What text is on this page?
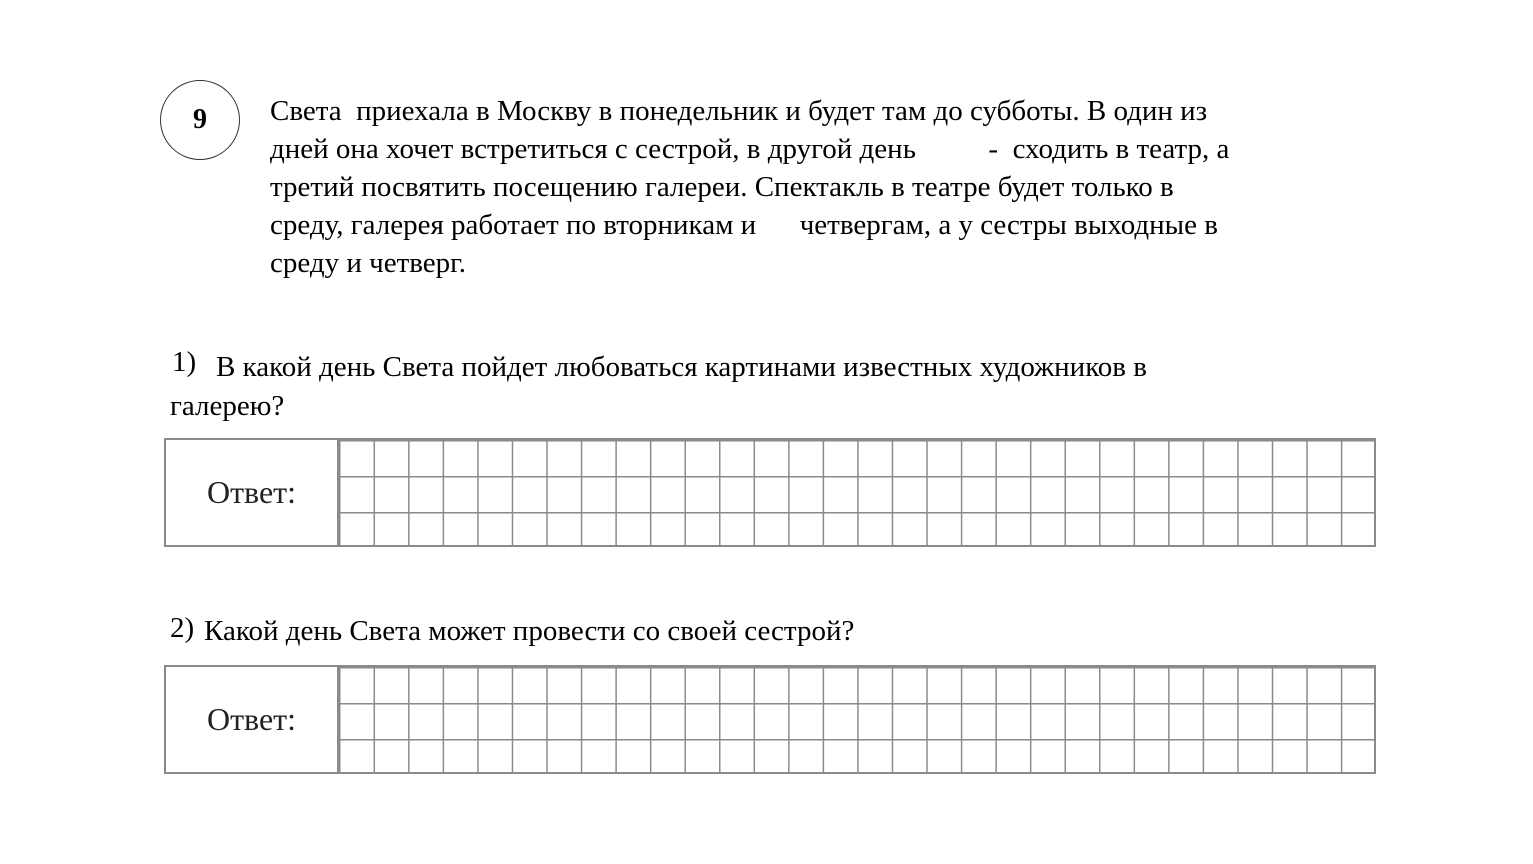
9 Света  приехала в Москву в понедельник и будет там до субботы. В один из
дней она хочет встретиться с сестрой, в другой день          -  сходить в театр, а
третий посвятить посещению галереи. Спектакль в театре будет только в
среду, галерея работает по вторникам и      четвергам, а у сестры выходные в
среду и четверг.

1) В какой день Света пойдет любоваться картинами известных художников в

галерею?

Ответ:
2) Какой день Света может провести со своей сестрой?

Ответ:
